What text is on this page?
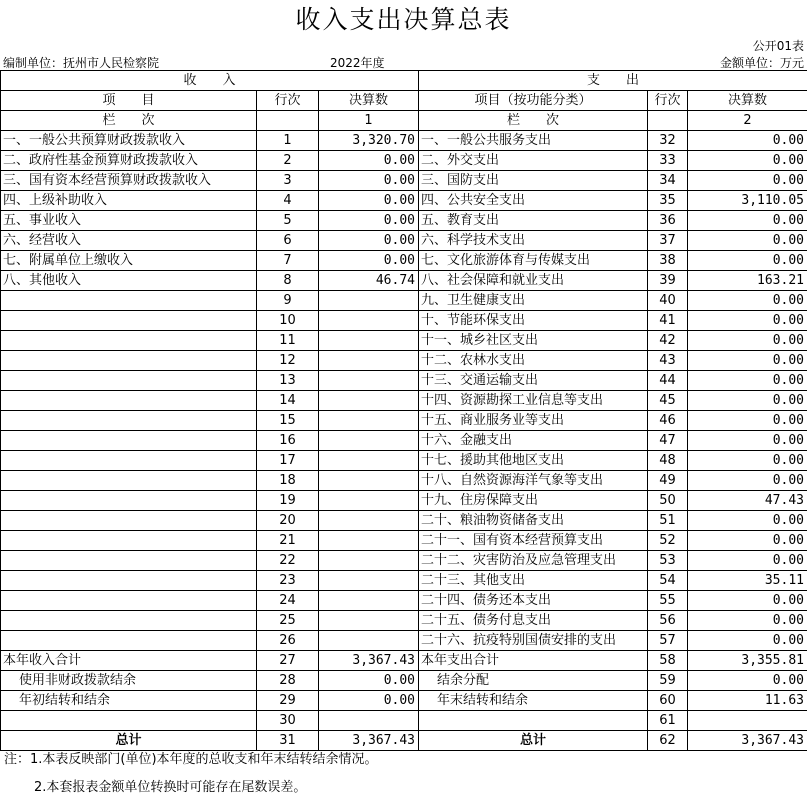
收入支出决算总表
公开01表
编制单位：抚州市人民检察院	2022年度	金额单位：万元
收　　入			支　　出		
项　　目	行次	决算数	项目（按功能分类）	行次	决算数
栏　　次		1	栏　　次		2
一、一般公共预算财政拨款收入	1	3,320.70	一、一般公共服务支出	32	0.00
二、政府性基金预算财政拨款收入	2	0.00	二、外交支出	33	0.00
三、国有资本经营预算财政拨款收入	3	0.00	三、国防支出	34	0.00
四、上级补助收入	4	0.00	四、公共安全支出	35	3,110.05
五、事业收入	5	0.00	五、教育支出	36	0.00
六、经营收入	6	0.00	六、科学技术支出	37	0.00
七、附属单位上缴收入	7	0.00	七、文化旅游体育与传媒支出	38	0.00
八、其他收入	8	46.74	八、社会保障和就业支出	39	163.21
	9		九、卫生健康支出	40	0.00
	10		十、节能环保支出	41	0.00
	11		十一、城乡社区支出	42	0.00
	12		十二、农林水支出	43	0.00
	13		十三、交通运输支出	44	0.00
	14		十四、资源勘探工业信息等支出	45	0.00
	15		十五、商业服务业等支出	46	0.00
	16		十六、金融支出	47	0.00
	17		十七、援助其他地区支出	48	0.00
	18		十八、自然资源海洋气象等支出	49	0.00
	19		十九、住房保障支出	50	47.43
	20		二十、粮油物资储备支出	51	0.00
	21		二十一、国有资本经营预算支出	52	0.00
	22		二十二、灾害防治及应急管理支出	53	0.00
	23		二十三、其他支出	54	35.11
	24		二十四、债务还本支出	55	0.00
	25		二十五、债务付息支出	56	0.00
	26		二十六、抗疫特别国债安排的支出	57	0.00
本年收入合计	27	3,367.43	本年支出合计	58	3,355.81
使用非财政拨款结余	28	0.00	结余分配	59	0.00
年初结转和结余	29	0.00	年末结转和结余	60	11.63
	30			61	
总计	31	3,367.43	总计	62	3,367.43
注：1.本表反映部门(单位)本年度的总收支和年末结转结余情况。
2.本套报表金额单位转换时可能存在尾数误差。
